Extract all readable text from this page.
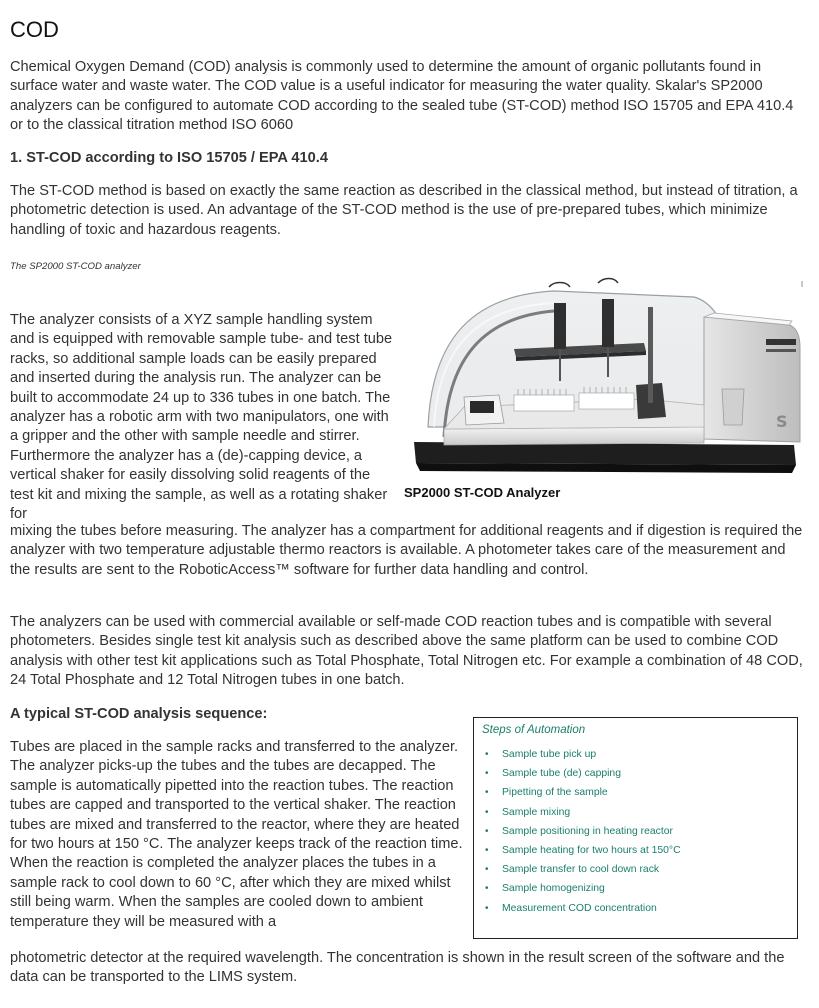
COD

Chemical Oxygen Demand (COD) analysis is commonly used to determine the amount of organic pollutants found in surface water and waste water. The COD value is a useful indicator for measuring the water quality. Skalar's SP2000 analyzers can be configured to automate COD according to the sealed tube (ST-COD) method ISO 15705 and EPA 410.4 or to the classical titration method ISO 6060

1. ST-COD according to ISO 15705 / EPA 410.4

The ST-COD method is based on exactly the same reaction as described in the classical method, but instead of titration, a photometric detection is used. An advantage of the ST-COD method is the use of pre-prepared tubes, which minimize handling of toxic and hazardous reagents.

The SP2000 ST-COD analyzer
S
SP2000 ST-COD Analyzer

The analyzer consists of a XYZ sample handling system and is equipped with removable sample tube- and test tube racks, so additional sample loads can be easily prepared and inserted during the analysis run. The analyzer can be built to accommodate 24 up to 336 tubes in one batch. The analyzer has a robotic arm with two manipulators, one with a gripper and the other with sample needle and stirrer. Furthermore the analyzer has a (de)-capping device, a vertical shaker for easily dissolving solid reagents of the test kit and mixing the sample, as well as a rotating shaker for

mixing the tubes before measuring. The analyzer has a compartment for additional reagents and if digestion is required the analyzer with two temperature adjustable thermo reactors is available. A photometer takes care of the measurement and the results are sent to the RoboticAccess™ software for further data handling and control.

The analyzers can be used with commercial available or self-made COD reaction tubes and is compatible with several photometers. Besides single test kit analysis such as described above the same platform can be used to combine COD analysis with other test kit applications such as Total Phosphate, Total Nitrogen etc. For example a combination of 48 COD, 24 Total Phosphate and 12 Total Nitrogen tubes in one batch.

A typical ST-COD analysis sequence:

Tubes are placed in the sample racks and transferred to the analyzer. The analyzer picks-up the tubes and the tubes are decapped. The sample is automatically pipetted into the reaction tubes. The reaction tubes are capped and transported to the vertical shaker. The reaction tubes are mixed and transferred to the reactor, where they are heated for two hours at 150 °C. The analyzer keeps track of the reaction time. When the reaction is completed the analyzer places the tubes in a sample rack to cool down to 60 °C, after which they are mixed whilst still being warm. When the samples are cooled down to ambient temperature they will be measured with a

photometric detector at the required wavelength. The concentration is shown in the result screen of the software and the data can be transported to the LIMS system.

Steps of Automation
• Sample tube pick up
• Sample tube (de) capping
• Pipetting of the sample
• Sample mixing
• Sample positioning in heating reactor
• Sample heating for two hours at 150°C
• Sample transfer to cool down rack
• Sample homogenizing
• Measurement COD concentration
